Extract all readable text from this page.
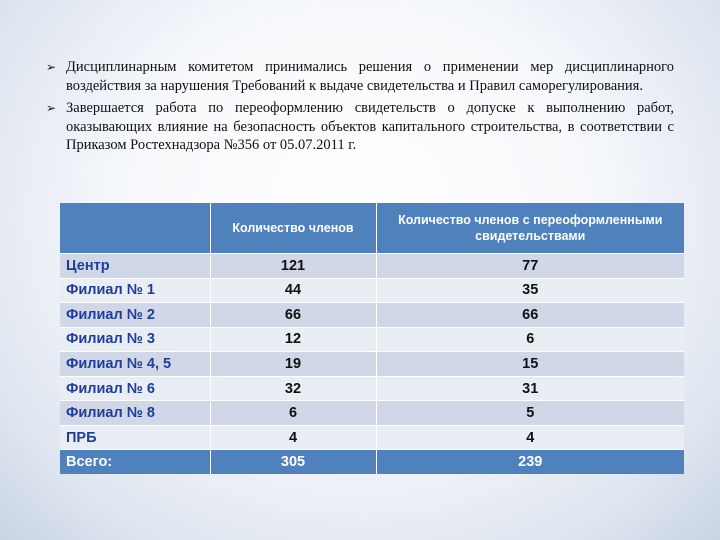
➢ Дисциплинарным комитетом принимались решения о применении мер дисциплинарного воздействия за нарушения Требований к выдаче свидетельства и Правил саморегулирования.
➢ Завершается работа по переоформлению свидетельств о допуске к выполнению работ, оказывающих влияние на безопасность объектов капитального строительства, в соответствии с Приказом Ростехнадзора №356 от 05.07.2011 г.
	Количество членов	Количество членов с переоформленными свидетельствами
Центр	121	77
Филиал № 1	44	35
Филиал № 2	66	66
Филиал № 3	12	6
Филиал № 4, 5	19	15
Филиал № 6	32	31
Филиал № 8	6	5
ПРБ	4	4
Всего:	305	239
